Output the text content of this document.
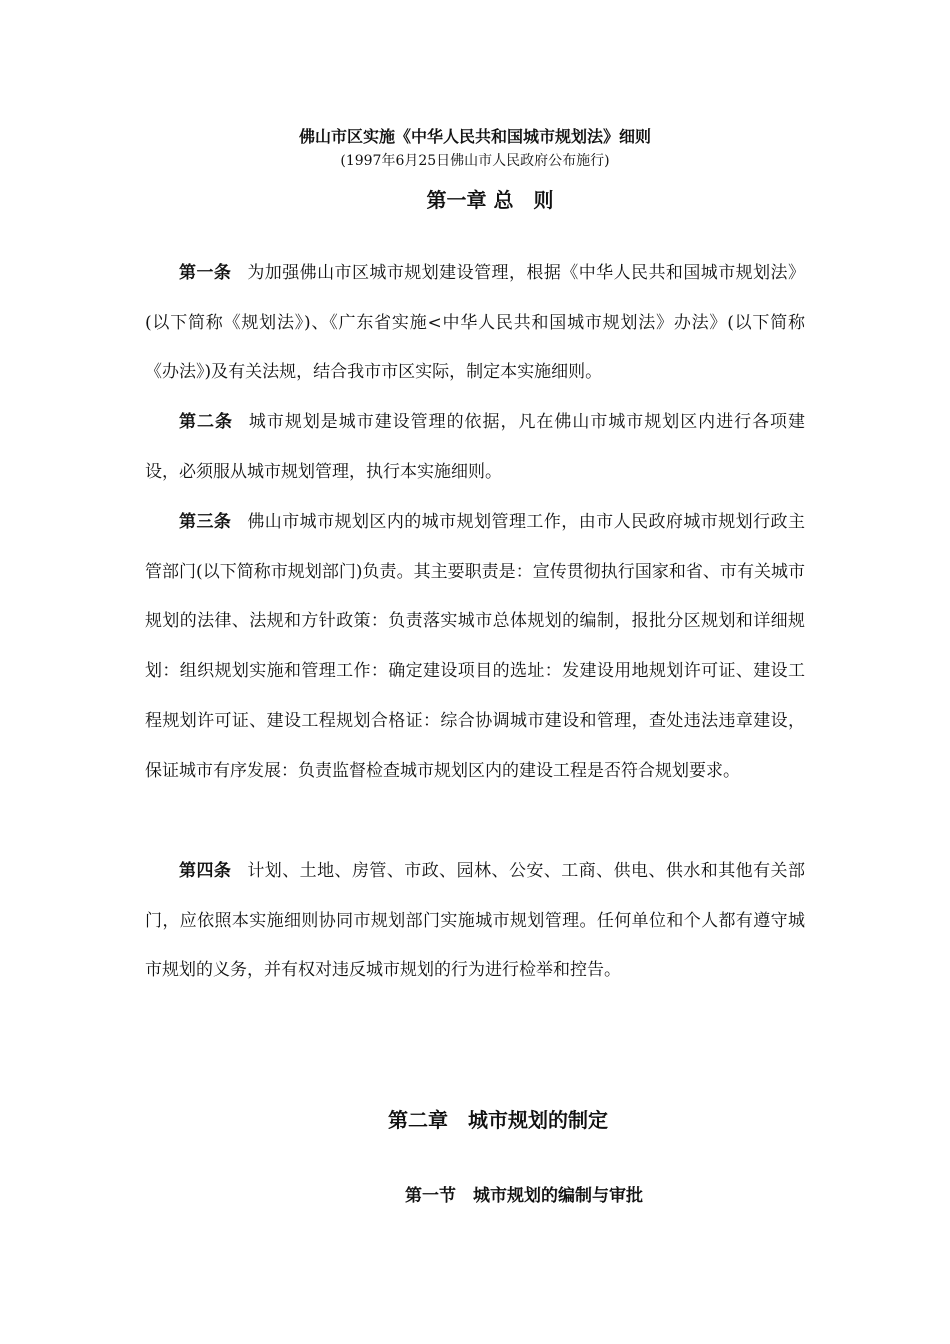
佛山市区实施《中华人民共和国城市规划法》细则
(1997年6月25日佛山市人民政府公布施行)
第一章 总　则

第一条 为加强佛山市区城市规划建设管理，根据《中华人民共和国城市规划法》(以下简称《规划法》)、《广东省实施<中华人民共和国城市规划法》办法》(以下简称《办法》)及有关法规，结合我市市区实际，制定本实施细则。

第二条 城市规划是城市建设管理的依据，凡在佛山市城市规划区内进行各项建设，必须服从城市规划管理，执行本实施细则。

第三条 佛山市城市规划区内的城市规划管理工作，由市人民政府城市规划行政主管部门(以下简称市规划部门)负责。其主要职责是：宣传贯彻执行国家和省、市有关城市规划的法律、法规和方针政策：负责落实城市总体规划的编制，报批分区规划和详细规划：组织规划实施和管理工作：确定建设项目的选址：发建设用地规划许可证、建设工程规划许可证、建设工程规划合格证：综合协调城市建设和管理，查处违法违章建设，保证城市有序发展：负责监督检查城市规划区内的建设工程是否符合规划要求。

第四条 计划、土地、房管、市政、园林、公安、工商、供电、供水和其他有关部门，应依照本实施细则协同市规划部门实施城市规划管理。任何单位和个人都有遵守城市规划的义务，并有权对违反城市规划的行为进行检举和控告。

第二章　城市规划的制定
第一节　城市规划的编制与审批
